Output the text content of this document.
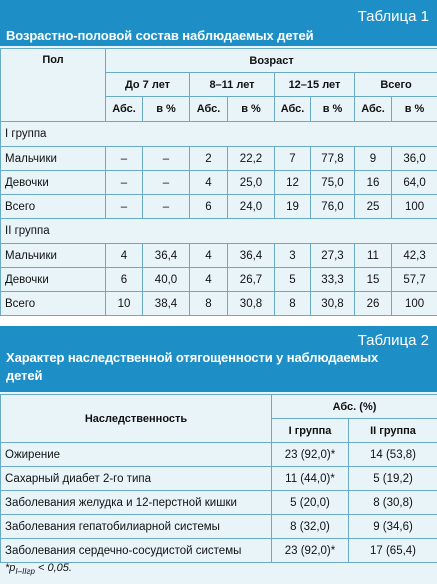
Таблица 1
Возрастно-половой состав наблюдаемых детей
Пол	Возраст							
	До 7 лет		8–11 лет		12–15 лет		Всего	
	Абс.	в %	Абс.	в %	Абс.	в %	Абс.	в %
I группа								
Мальчики	–	–	2	22,2	7	77,8	9	36,0
Девочки	–	–	4	25,0	12	75,0	16	64,0
Всего	–	–	6	24,0	19	76,0	25	100
II группа								
Мальчики	4	36,4	4	36,4	3	27,3	11	42,3
Девочки	6	40,0	4	26,7	5	33,3	15	57,7
Всего	10	38,4	8	30,8	8	30,8	26	100
Таблица 2
Характер наследственной отягощенности у наблюдаемых
детей
Наследственность	Абс. (%)	
	I группа	II группа
Ожирение	23 (92,0)*	14 (53,8)
Сахарный диабет 2-го типа	11 (44,0)*	5 (19,2)
Заболевания желудка и 12-перстной кишки	5 (20,0)	8 (30,8)
Заболевания гепатобилиарной системы	8 (32,0)	9 (34,6)
Заболевания сердечно-сосудистой системы	23 (92,0)*	17 (65,4)
$*p_{I-IIгр} < 0,05$.
